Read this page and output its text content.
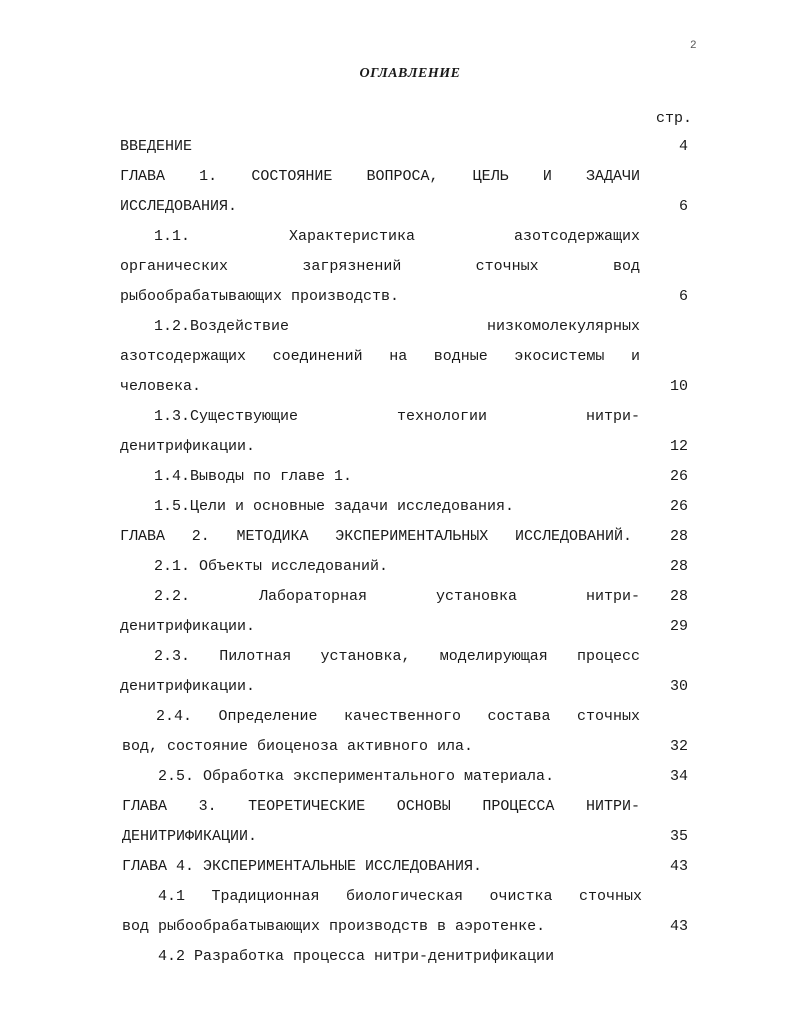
2
ОГЛАВЛЕНИЕ
стр.
ВВЕДЕНИЕ	4
ГЛАВА 1. СОСТОЯНИЕ ВОПРОСА, ЦЕЛЬ И ЗАДАЧИ
ИССЛЕДОВАНИЯ.	6
1.1. Характеристика азотсодержащих
органических загрязнений сточных вод
рыбообрабатывающих производств.	6
1.2.Воздействие низкомолекулярных
азотсодержащих соединений на водные экосистемы и
человека.	10
1.3.Существующие технологии нитри-
денитрификации.	12
1.4.Выводы по главе 1.	26
1.5.Цели и основные задачи исследования.	26
ГЛАВА 2. МЕТОДИКА ЭКСПЕРИМЕНТАЛЬНЫХ ИССЛЕДОВАНИЙ.	28
2.1. Объекты исследований.	28
2.2. Лабораторная установка нитри- 28
денитрификации.	29
2.3. Пилотная установка, моделирующая процесс
денитрификации.	30
2.4. Определение качественного состава сточных
вод, состояние биоценоза активного ила.	32
2.5. Обработка экспериментального материала.	34
ГЛАВА 3. ТЕОРЕТИЧЕСКИЕ ОСНОВЫ ПРОЦЕССА НИТРИ-
ДЕНИТРИФИКАЦИИ.	35
ГЛАВА 4. ЭКСПЕРИМЕНТАЛЬНЫЕ ИССЛЕДОВАНИЯ.	43
4.1 Традиционная биологическая очистка сточных
вод рыбообрабатывающих производств в аэротенке.	43
4.2 Разработка процесса нитри-денитрификации
